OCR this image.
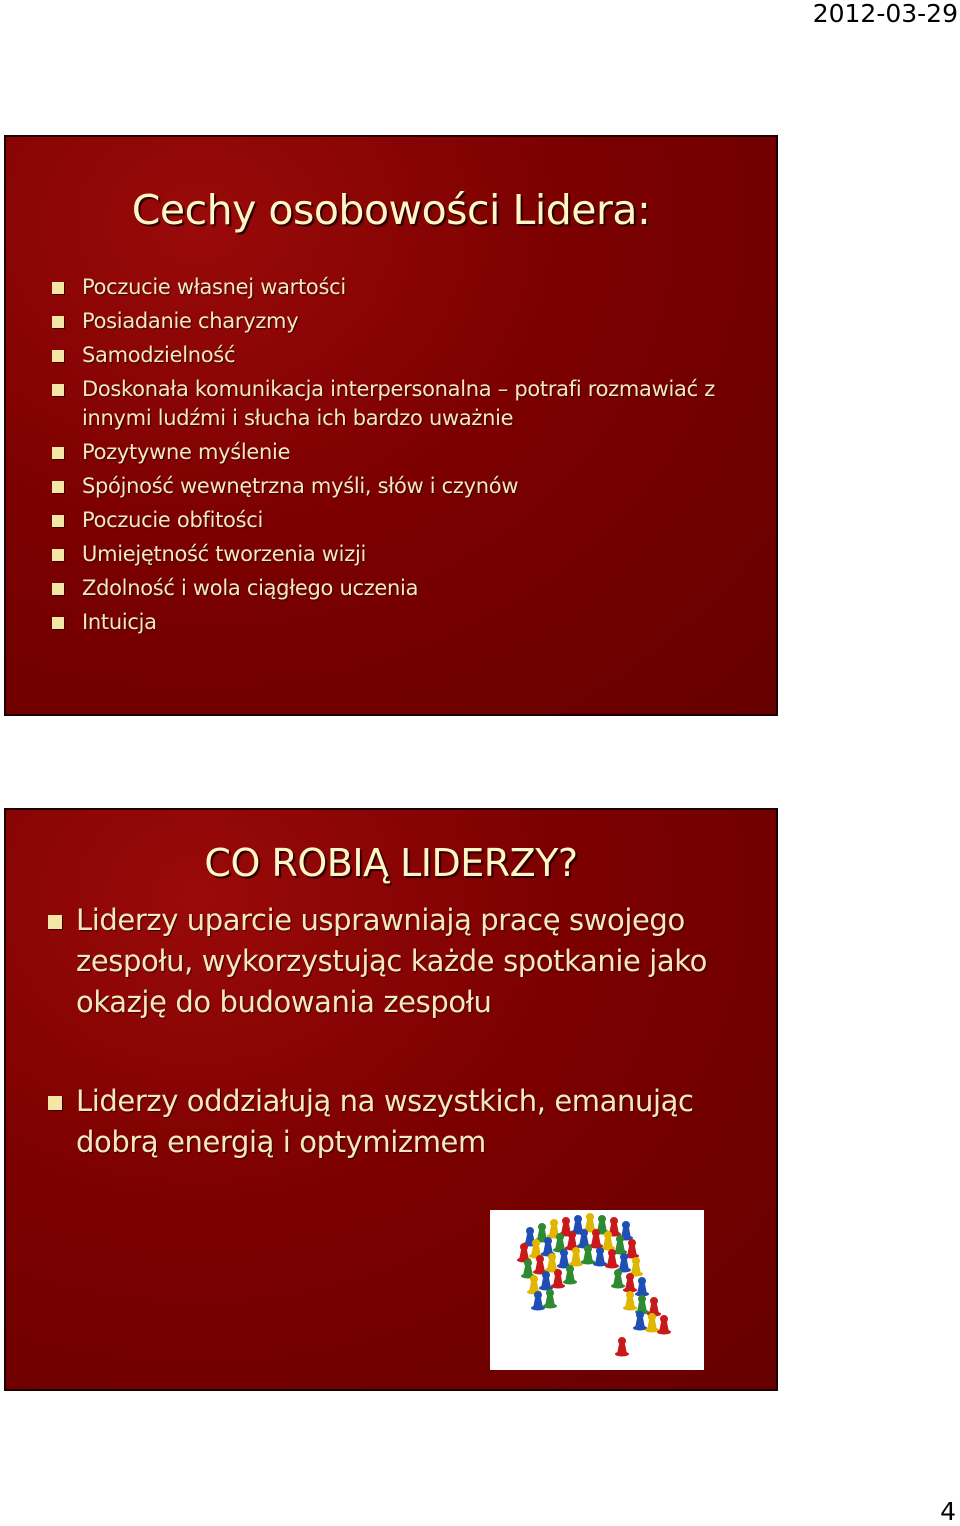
2012-03-29
Cechy osobowości Lidera:
Poczucie własnej wartości
Posiadanie charyzmy
Samodzielność
Doskonała komunikacja interpersonalna – potrafi rozmawiać z innymi ludźmi i słucha ich bardzo uważnie
Pozytywne myślenie
Spójność wewnętrzna myśli, słów i czynów
Poczucie obfitości
Umiejętność tworzenia wizji
Zdolność i wola ciągłego uczenia
Intuicja
CO ROBIĄ LIDERZY?
Liderzy uparcie usprawniają pracę swojego zespołu, wykorzystując każde spotkanie jako okazję do budowania zespołu
Liderzy oddziałują na wszystkich, emanując dobrą energią i optymizmem
4
